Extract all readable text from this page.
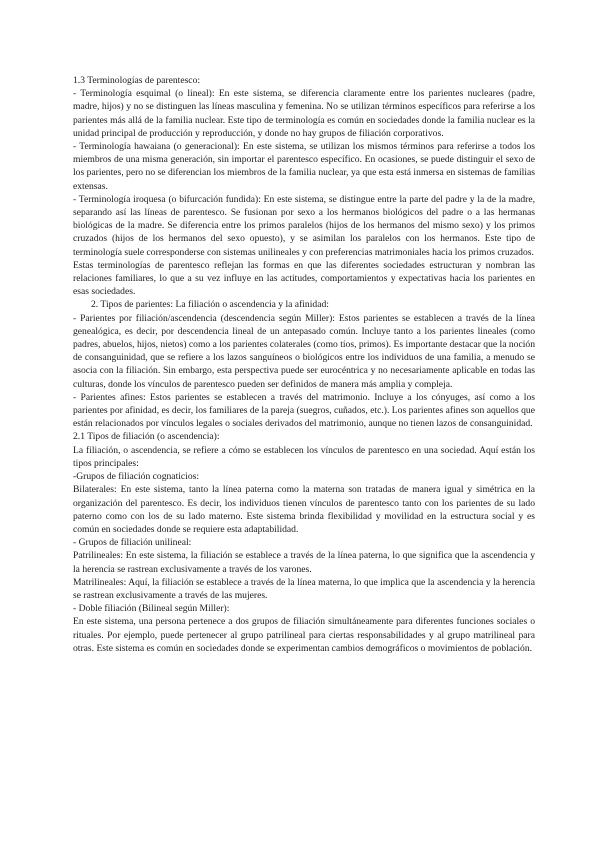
1.3 Terminologías de parentesco:

- Terminología esquimal (o lineal): En este sistema, se diferencia claramente entre los parientes nucleares (padre, madre, hijos) y no se distinguen las líneas masculina y femenina. No se utilizan términos específicos para referirse a los parientes más allá de la familia nuclear. Este tipo de terminología es común en sociedades donde la familia nuclear es la unidad principal de producción y reproducción, y donde no hay grupos de filiación corporativos.

- Terminología hawaiana (o generacional): En este sistema, se utilizan los mismos términos para referirse a todos los miembros de una misma generación, sin importar el parentesco específico. En ocasiones, se puede distinguir el sexo de los parientes, pero no se diferencian los miembros de la familia nuclear, ya que esta está inmersa en sistemas de familias extensas.

- Terminología iroquesa (o bifurcación fundida): En este sistema, se distingue entre la parte del padre y la de la madre, separando así las líneas de parentesco. Se fusionan por sexo a los hermanos biológicos del padre o a las hermanas biológicas de la madre. Se diferencia entre los primos paralelos (hijos de los hermanos del mismo sexo) y los primos cruzados (hijos de los hermanos del sexo opuesto), y se asimilan los paralelos con los hermanos. Este tipo de terminología suele corresponderse con sistemas unilineales y con preferencias matrimoniales hacia los primos cruzados.

Estas terminologías de parentesco reflejan las formas en que las diferentes sociedades estructuran y nombran las relaciones familiares, lo que a su vez influye en las actitudes, comportamientos y expectativas hacia los parientes en esas sociedades.

2. Tipos de parientes: La filiación o ascendencia y la afinidad:

- Parientes por filiación/ascendencia (descendencia según Miller): Estos parientes se establecen a través de la línea genealógica, es decir, por descendencia lineal de un antepasado común. Incluye tanto a los parientes lineales (como padres, abuelos, hijos, nietos) como a los parientes colaterales (como tíos, primos). Es importante destacar que la noción de consanguinidad, que se refiere a los lazos sanguíneos o biológicos entre los individuos de una familia, a menudo se asocia con la filiación. Sin embargo, esta perspectiva puede ser eurocéntrica y no necesariamente aplicable en todas las culturas, donde los vínculos de parentesco pueden ser definidos de manera más amplia y compleja.

- Parientes afines: Estos parientes se establecen a través del matrimonio. Incluye a los cónyuges, así como a los parientes por afinidad, es decir, los familiares de la pareja (suegros, cuñados, etc.). Los parientes afines son aquellos que están relacionados por vínculos legales o sociales derivados del matrimonio, aunque no tienen lazos de consanguinidad.

2.1 Tipos de filiación (o ascendencia):

La filiación, o ascendencia, se refiere a cómo se establecen los vínculos de parentesco en una sociedad. Aquí están los tipos principales:

-Grupos de filiación cognaticios:

Bilaterales: En este sistema, tanto la línea paterna como la materna son tratadas de manera igual y simétrica en la organización del parentesco. Es decir, los individuos tienen vínculos de parentesco tanto con los parientes de su lado paterno como con los de su lado materno. Este sistema brinda flexibilidad y movilidad en la estructura social y es común en sociedades donde se requiere esta adaptabilidad.

- Grupos de filiación unilineal:

Patrilineales: En este sistema, la filiación se establece a través de la línea paterna, lo que significa que la ascendencia y la herencia se rastrean exclusivamente a través de los varones.

Matrilineales: Aquí, la filiación se establece a través de la línea materna, lo que implica que la ascendencia y la herencia se rastrean exclusivamente a través de las mujeres.

- Doble filiación (Bilineal según Miller):

En este sistema, una persona pertenece a dos grupos de filiación simultáneamente para diferentes funciones sociales o rituales. Por ejemplo, puede pertenecer al grupo patrilineal para ciertas responsabilidades y al grupo matrilineal para otras. Este sistema es común en sociedades donde se experimentan cambios demográficos o movimientos de población.
